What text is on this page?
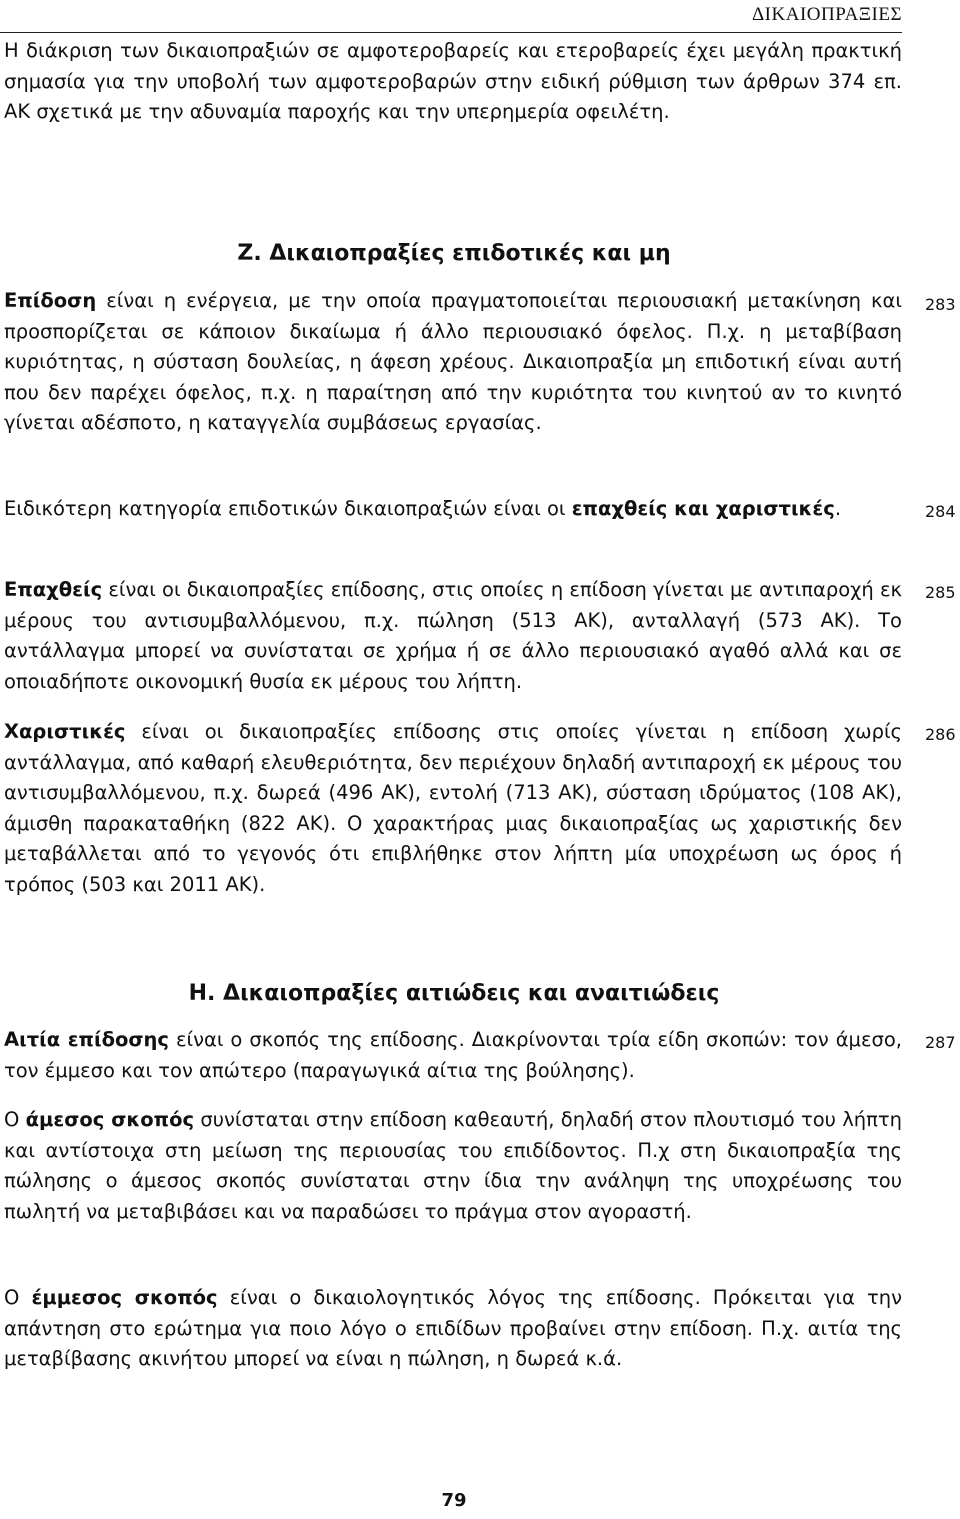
ΔΙΚΑΙΟΠΡΑΞΙΕΣ

Η διάκριση των δικαιοπραξιών σε αμφοτεροβαρείς και ετεροβαρείς έχει μεγάλη πρακτική σημασία για την υποβολή των αμφοτεροβαρών στην ειδική ρύθμιση των άρθρων 374 επ. ΑΚ σχετικά με την αδυναμία παροχής και την υπερημερία οφειλέτη.

Ζ. Δικαιοπραξίες επιδοτικές και μη

Επίδοση είναι η ενέργεια, με την οποία πραγματοποιείται περιουσιακή μετακίνηση και προσπορίζεται σε κάποιον δικαίωμα ή άλλο περιουσιακό όφελος. Π.χ. η μεταβίβαση κυριότητας, η σύσταση δουλείας, η άφεση χρέους. Δικαιοπραξία μη επιδοτική είναι αυτή που δεν παρέχει όφελος, π.χ. η παραίτηση από την κυριότητα του κινητού αν το κινητό γίνεται αδέσποτο, η καταγγελία συμβάσεως εργασίας.

283

Ειδικότερη κατηγορία επιδοτικών δικαιοπραξιών είναι οι επαχθείς και χαριστικές.	284

Επαχθείς είναι οι δικαιοπραξίες επίδοσης, στις οποίες η επίδοση γίνεται με αντιπαροχή εκ μέρους του αντισυμβαλλόμενου, π.χ. πώληση (513 ΑΚ), ανταλλαγή (573 ΑΚ). Το αντάλλαγμα μπορεί να συνίσταται σε χρήμα ή σε άλλο περιουσιακό αγαθό αλλά και σε οποιαδήποτε οικονομική θυσία εκ μέρους του λήπτη.

285

Χαριστικές είναι οι δικαιοπραξίες επίδοσης στις οποίες γίνεται η επίδοση χωρίς αντάλλαγμα, από καθαρή ελευθεριότητα, δεν περιέχουν δηλαδή αντιπαροχή εκ μέρους του αντισυμβαλλόμενου, π.χ. δωρεά (496 ΑΚ), εντολή (713 ΑΚ), σύσταση ιδρύματος (108 ΑΚ), άμισθη παρακαταθήκη (822 ΑΚ). Ο χαρακτήρας μιας δικαιοπραξίας ως χαριστικής δεν μεταβάλλεται από το γεγονός ότι επιβλήθηκε στον λήπτη μία υποχρέωση ως όρος ή τρόπος (503 και 2011 ΑΚ).

286
Η. Δικαιοπραξίες αιτιώδεις και αναιτιώδεις

Αιτία επίδοσης είναι ο σκοπός της επίδοσης. Διακρίνονται τρία είδη σκοπών: τον άμεσο, τον έμμεσο και τον απώτερο (παραγωγικά αίτια της βούλησης).

287

Ο άμεσος σκοπός συνίσταται στην επίδοση καθεαυτή, δηλαδή στον πλουτισμό του λήπτη και αντίστοιχα στη μείωση της περιουσίας του επιδίδοντος. Π.χ στη δικαιοπραξία της πώλησης ο άμεσος σκοπός συνίσταται στην ίδια την ανάληψη της υποχρέωσης του πωλητή να μεταβιβάσει και να παραδώσει το πράγμα στον αγοραστή.

Ο έμμεσος σκοπός είναι ο δικαιολογητικός λόγος της επίδοσης. Πρόκειται για την απάντηση στο ερώτημα για ποιο λόγο ο επιδίδων προβαίνει στην επίδοση. Π.χ. αιτία της μεταβίβασης ακινήτου μπορεί να είναι η πώληση, η δωρεά κ.ά.

79
